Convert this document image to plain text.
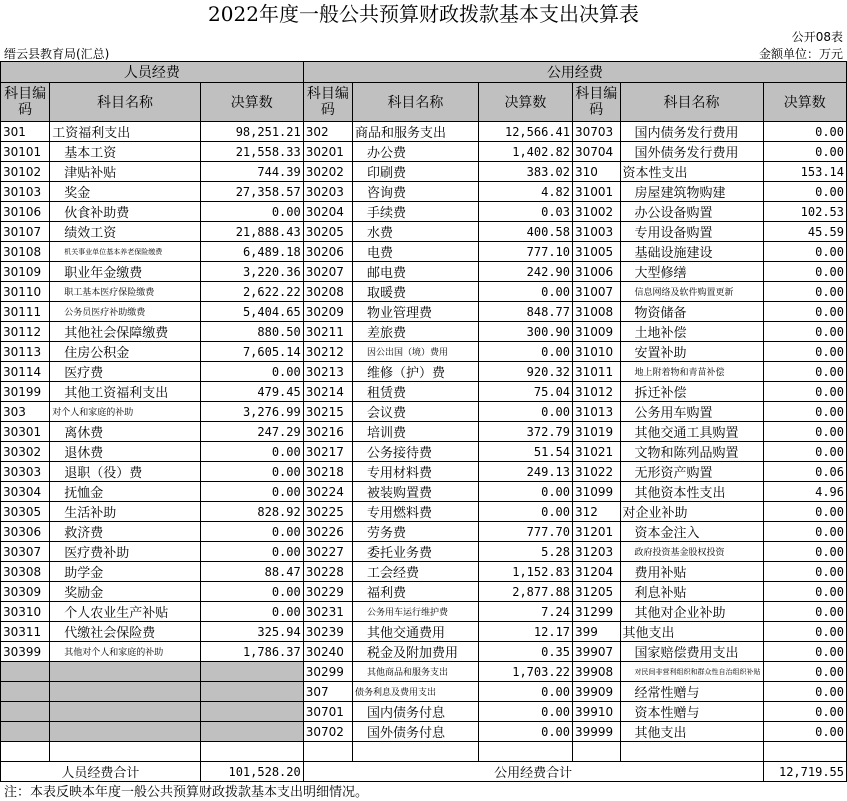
2022年度一般公共预算财政拨款基本支出决算表
公开08表
缙云县教育局(汇总)	金额单位：万元
人员经费			公用经费					
科目编码	科目名称	决算数	科目编码	科目名称	决算数	科目编码	科目名称	决算数
301	工资福利支出	98,251.21	302	商品和服务支出	12,566.41	30703	国内债务发行费用	0.00
30101	基本工资	21,558.33	30201	办公费	1,402.82	30704	国外债务发行费用	0.00
30102	津贴补贴	744.39	30202	印刷费	383.02	310	资本性支出	153.14
30103	奖金	27,358.57	30203	咨询费	4.82	31001	房屋建筑物购建	0.00
30106	伙食补助费	0.00	30204	手续费	0.03	31002	办公设备购置	102.53
30107	绩效工资	21,888.43	30205	水费	400.58	31003	专用设备购置	45.59
30108	机关事业单位基本养老保险缴费	6,489.18	30206	电费	777.10	31005	基础设施建设	0.00
30109	职业年金缴费	3,220.36	30207	邮电费	242.90	31006	大型修缮	0.00
30110	职工基本医疗保险缴费	2,622.22	30208	取暖费	0.00	31007	信息网络及软件购置更新	0.00
30111	公务员医疗补助缴费	5,404.65	30209	物业管理费	848.77	31008	物资储备	0.00
30112	其他社会保障缴费	880.50	30211	差旅费	300.90	31009	土地补偿	0.00
30113	住房公积金	7,605.14	30212	因公出国（境）费用	0.00	31010	安置补助	0.00
30114	医疗费	0.00	30213	维修（护）费	920.32	31011	地上附着物和青苗补偿	0.00
30199	其他工资福利支出	479.45	30214	租赁费	75.04	31012	拆迁补偿	0.00
303	对个人和家庭的补助	3,276.99	30215	会议费	0.00	31013	公务用车购置	0.00
30301	离休费	247.29	30216	培训费	372.79	31019	其他交通工具购置	0.00
30302	退休费	0.00	30217	公务接待费	51.54	31021	文物和陈列品购置	0.00
30303	退职（役）费	0.00	30218	专用材料费	249.13	31022	无形资产购置	0.06
30304	抚恤金	0.00	30224	被装购置费	0.00	31099	其他资本性支出	4.96
30305	生活补助	828.92	30225	专用燃料费	0.00	312	对企业补助	0.00
30306	救济费	0.00	30226	劳务费	777.70	31201	资本金注入	0.00
30307	医疗费补助	0.00	30227	委托业务费	5.28	31203	政府投资基金股权投资	0.00
30308	助学金	88.47	30228	工会经费	1,152.83	31204	费用补贴	0.00
30309	奖励金	0.00	30229	福利费	2,877.88	31205	利息补贴	0.00
30310	个人农业生产补贴	0.00	30231	公务用车运行维护费	7.24	31299	其他对企业补助	0.00
30311	代缴社会保险费	325.94	30239	其他交通费用	12.17	399	其他支出	0.00
30399	其他对个人和家庭的补助	1,786.37	30240	税金及附加费用	0.35	39907	国家赔偿费用支出	0.00
			30299	其他商品和服务支出	1,703.22	39908	对民间非营利组织和群众性自治组织补贴	0.00
			307	债务利息及费用支出	0.00	39909	经常性赠与	0.00
			30701	国内债务付息	0.00	39910	资本性赠与	0.00
			30702	国外债务付息	0.00	39999	其他支出	0.00

人员经费合计		101,528.20	公用经费合计					12,719.55
注：本表反映本年度一般公共预算财政拨款基本支出明细情况。
